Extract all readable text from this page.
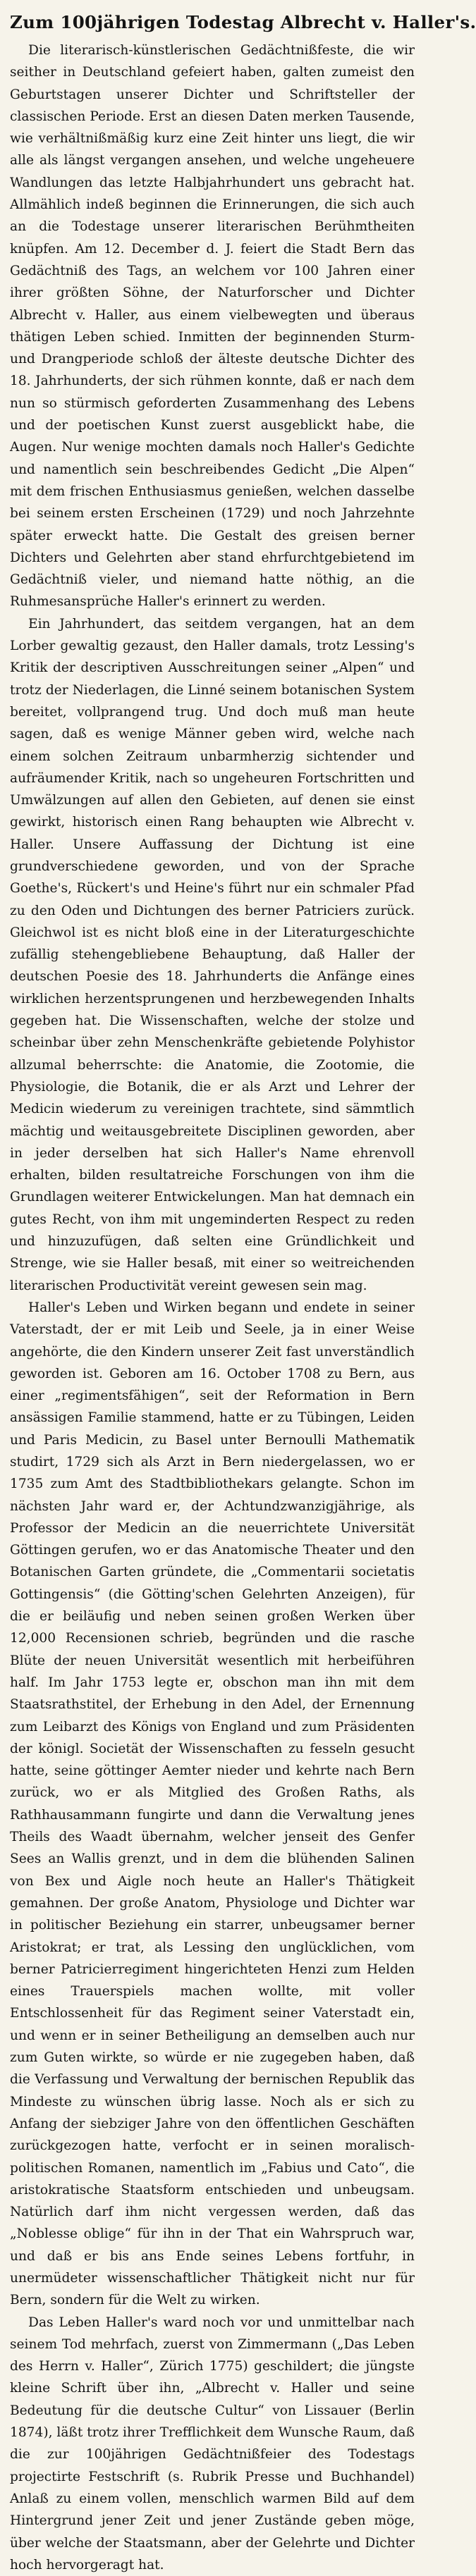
Zum 100jährigen Todestag Albrecht v. Haller's.

Die literarisch-künstlerischen Gedächtnißfeste, die wir seither in Deutschland gefeiert haben, galten zumeist den Geburtstagen unserer Dichter und Schriftsteller der classischen Periode. Erst an diesen Daten merken Tausende, wie verhältnißmäßig kurz eine Zeit hinter uns liegt, die wir alle als längst vergangen ansehen, und welche ungeheuere Wandlungen das letzte Halbjahrhundert uns gebracht hat. Allmählich indeß beginnen die Erinnerungen, die sich auch an die Todestage unserer literarischen Berühmtheiten knüpfen. Am 12. December d. J. feiert die Stadt Bern das Gedächtniß des Tags, an welchem vor 100 Jahren einer ihrer größten Söhne, der Naturforscher und Dichter Albrecht v. Haller, aus einem vielbewegten und überaus thätigen Leben schied. Inmitten der beginnenden Sturm- und Drangperiode schloß der älteste deutsche Dichter des 18. Jahrhunderts, der sich rühmen konnte, daß er nach dem nun so stürmisch geforderten Zusammenhang des Lebens und der poetischen Kunst zuerst ausgeblickt habe, die Augen. Nur wenige mochten damals noch Haller's Gedichte und namentlich sein beschreibendes Gedicht „Die Alpen“ mit dem frischen Enthusiasmus genießen, welchen dasselbe bei seinem ersten Erscheinen (1729) und noch Jahrzehnte später erweckt hatte. Die Gestalt des greisen berner Dichters und Gelehrten aber stand ehrfurchtgebietend im Gedächtniß vieler, und niemand hatte nöthig, an die Ruhmesansprüche Haller's erinnert zu werden.

Ein Jahrhundert, das seitdem vergangen, hat an dem Lorber gewaltig gezaust, den Haller damals, trotz Lessing's Kritik der descriptiven Ausschreitungen seiner „Alpen“ und trotz der Niederlagen, die Linné seinem botanischen System bereitet, vollprangend trug. Und doch muß man heute sagen, daß es wenige Männer geben wird, welche nach einem solchen Zeitraum unbarmherzig sichtender und aufräumender Kritik, nach so ungeheuren Fortschritten und Umwälzungen auf allen den Gebieten, auf denen sie einst gewirkt, historisch einen Rang behaupten wie Albrecht v. Haller. Unsere Auffassung der Dichtung ist eine grundverschiedene geworden, und von der Sprache Goethe's, Rückert's und Heine's führt nur ein schmaler Pfad zu den Oden und Dichtungen des berner Patriciers zurück. Gleichwol ist es nicht bloß eine in der Literaturgeschichte zufällig stehengebliebene Behauptung, daß Haller der deutschen Poesie des 18. Jahrhunderts die Anfänge eines wirklichen herzentsprungenen und herzbewegenden Inhalts gegeben hat. Die Wissenschaften, welche der stolze und scheinbar über zehn Menschenkräfte gebietende Polyhistor allzumal beherrschte: die Anatomie, die Zootomie, die Physiologie, die Botanik, die er als Arzt und Lehrer der Medicin wiederum zu vereinigen trachtete, sind sämmtlich mächtig und weitausgebreitete Disciplinen geworden, aber in jeder derselben hat sich Haller's Name ehrenvoll erhalten, bilden resultatreiche Forschungen von ihm die Grundlagen weiterer Entwickelungen. Man hat demnach ein gutes Recht, von ihm mit ungeminderten Respect zu reden und hinzuzufügen, daß selten eine Gründlichkeit und Strenge, wie sie Haller besaß, mit einer so weitreichenden literarischen Productivität vereint gewesen sein mag.

Haller's Leben und Wirken begann und endete in seiner Vaterstadt, der er mit Leib und Seele, ja in einer Weise angehörte, die den Kindern unserer Zeit fast unverständlich geworden ist. Geboren am 16. October 1708 zu Bern, aus einer „regimentsfähigen“, seit der Reformation in Bern ansässigen Familie stammend, hatte er zu Tübingen, Leiden und Paris Medicin, zu Basel unter Bernoulli Mathematik studirt, 1729 sich als Arzt in Bern niedergelassen, wo er 1735 zum Amt des Stadtbibliothekars gelangte. Schon im nächsten Jahr ward er, der Achtundzwanzigjährige, als Professor der Medicin an die neuerrichtete Universität Göttingen gerufen, wo er das Anatomische Theater und den Botanischen Garten gründete, die „Commentarii societatis Gottingensis“ (die Götting'schen Gelehrten Anzeigen), für die er beiläufig und neben seinen großen Werken über 12,000 Recensionen schrieb, begründen und die rasche Blüte der neuen Universität wesentlich mit herbeiführen half. Im Jahr 1753 legte er, obschon man ihn mit dem Staatsrathstitel, der Erhebung in den Adel, der Ernennung zum Leibarzt des Königs von England und zum Präsidenten der königl. Societät der Wissenschaften zu fesseln gesucht hatte, seine göttinger Aemter nieder und kehrte nach Bern zurück, wo er als Mitglied des Großen Raths, als Rathhausammann fungirte und dann die Verwaltung jenes Theils des Waadt übernahm, welcher jenseit des Genfer Sees an Wallis grenzt, und in dem die blühenden Salinen von Bex und Aigle noch heute an Haller's Thätigkeit gemahnen. Der große Anatom, Physiologe und Dichter war in politischer Beziehung ein starrer, unbeugsamer berner Aristokrat; er trat, als Lessing den unglücklichen, vom berner Patricierregiment hingerichteten Henzi zum Helden eines Trauerspiels machen wollte, mit voller Entschlossenheit für das Regiment seiner Vaterstadt ein, und wenn er in seiner Betheiligung an demselben auch nur zum Guten wirkte, so würde er nie zugegeben haben, daß die Verfassung und Verwaltung der bernischen Republik das Mindeste zu wünschen übrig lasse. Noch als er sich zu Anfang der siebziger Jahre von den öffentlichen Geschäften zurückgezogen hatte, verfocht er in seinen moralisch-politischen Romanen, namentlich im „Fabius und Cato“, die aristokratische Staatsform entschieden und unbeugsam. Natürlich darf ihm nicht vergessen werden, daß das „Noblesse oblige“ für ihn in der That ein Wahrspruch war, und daß er bis ans Ende seines Lebens fortfuhr, in unermüdeter wissenschaftlicher Thätigkeit nicht nur für Bern, sondern für die Welt zu wirken.

Das Leben Haller's ward noch vor und unmittelbar nach seinem Tod mehrfach, zuerst von Zimmermann („Das Leben des Herrn v. Haller“, Zürich 1775) geschildert; die jüngste kleine Schrift über ihn, „Albrecht v. Haller und seine Bedeutung für die deutsche Cultur“ von Lissauer (Berlin 1874), läßt trotz ihrer Trefflichkeit dem Wunsche Raum, daß die zur 100jährigen Gedächtnißfeier des Todestags projectirte Festschrift (s. Rubrik Presse und Buchhandel) Anlaß zu einem vollen, menschlich warmen Bild auf dem Hintergrund jener Zeit und jener Zustände geben möge, über welche der Staatsmann, aber der Gelehrte und Dichter hoch hervorgeragt hat.
